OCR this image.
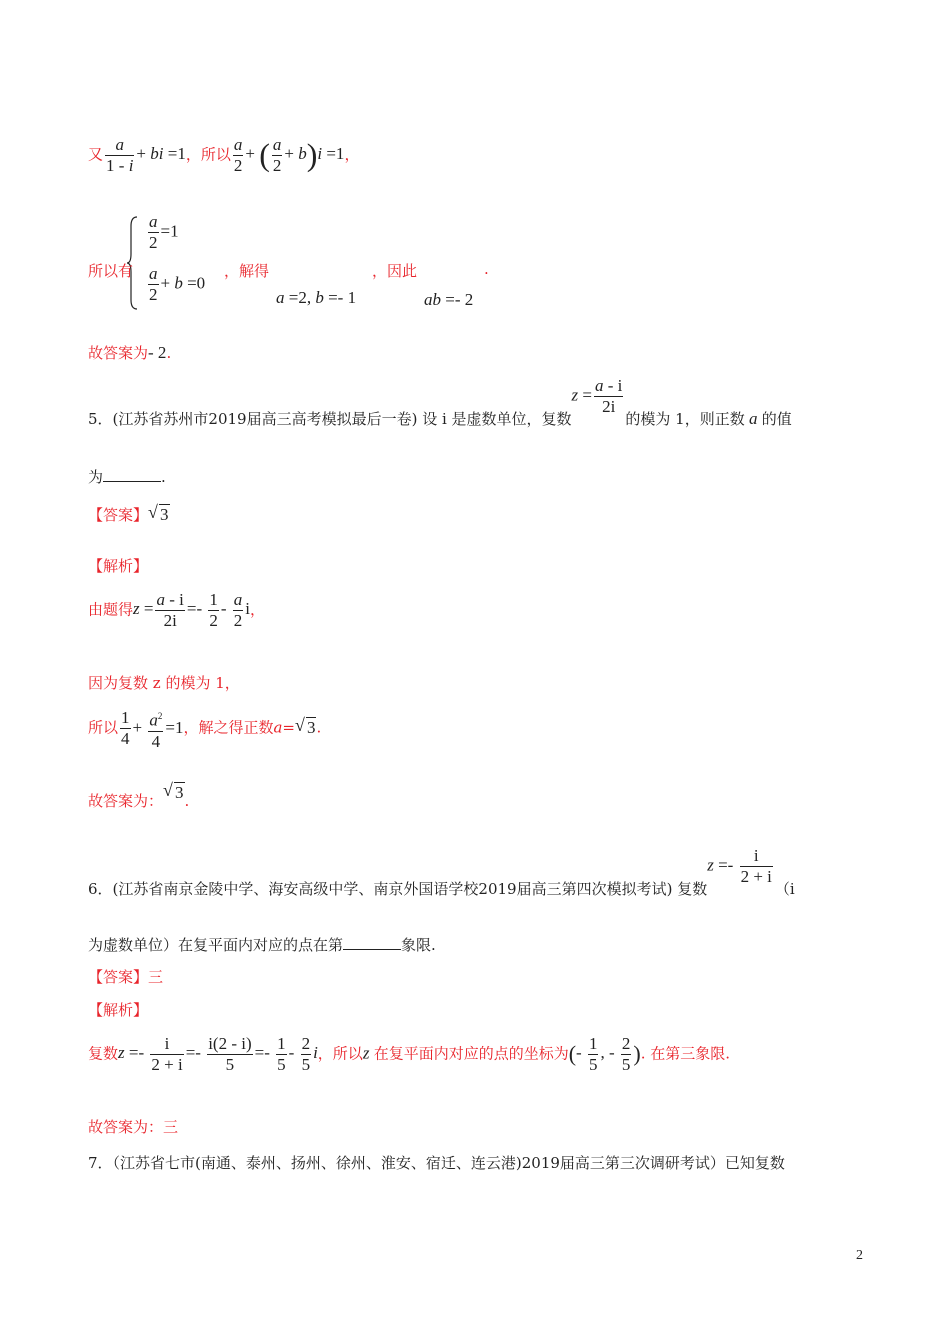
又 $\frac{a}{1 - i}$ + bi =1，所以 $\frac{a}{2}$ + ( $\frac{a}{2} + b)i =1$，
$\frac{a}{2} =1$
$\frac{a}{2} + b =0$
所以有	，解得	，因此	.
a =2, b =- 1	ab =- 2
故答案为- 2.
5．(江苏省苏州市2019届高三高考模拟最后一卷) 设 i 是虚数单位，复数$z = \frac{a - i}{2i}$
的模为 1，则正数 a 的值
为	.
【答案】 √ 3
【解析】
由题得$z = \frac{a - i}{2i} =- \frac{1}{2} - \frac{a}{2}$ i，
因为复数 z 的模为 1，
所以 $\frac{1}{4} + \frac{a^2}{4} =1$，解之得正数a= √ 3.
故答案为：
√ 3.
6．(江苏省南京金陵中学、海安高级中学、南京外国语学校2019届高三第四次模拟考试) 复数$z =- \frac{i}{2 + i}$
（i
为虚数单位）在复平面内对应的点在第	象限.
【答案】三
【解析】
复数$z =- \frac{i}{2 + i} =- \frac{i(2 - i)}{5} =- \frac{1}{5} - \frac{2}{5}$ i，所以z 在复平面内对应的点的坐标为(- $\frac{1}{5}$ , - $\frac{2}{5}$ ). 在第三象限.
故答案为：三
7．（江苏省七市(南通、泰州、扬州、徐州、淮安、宿迁、连云港)2019届高三第三次调研考试）已知复数
2
